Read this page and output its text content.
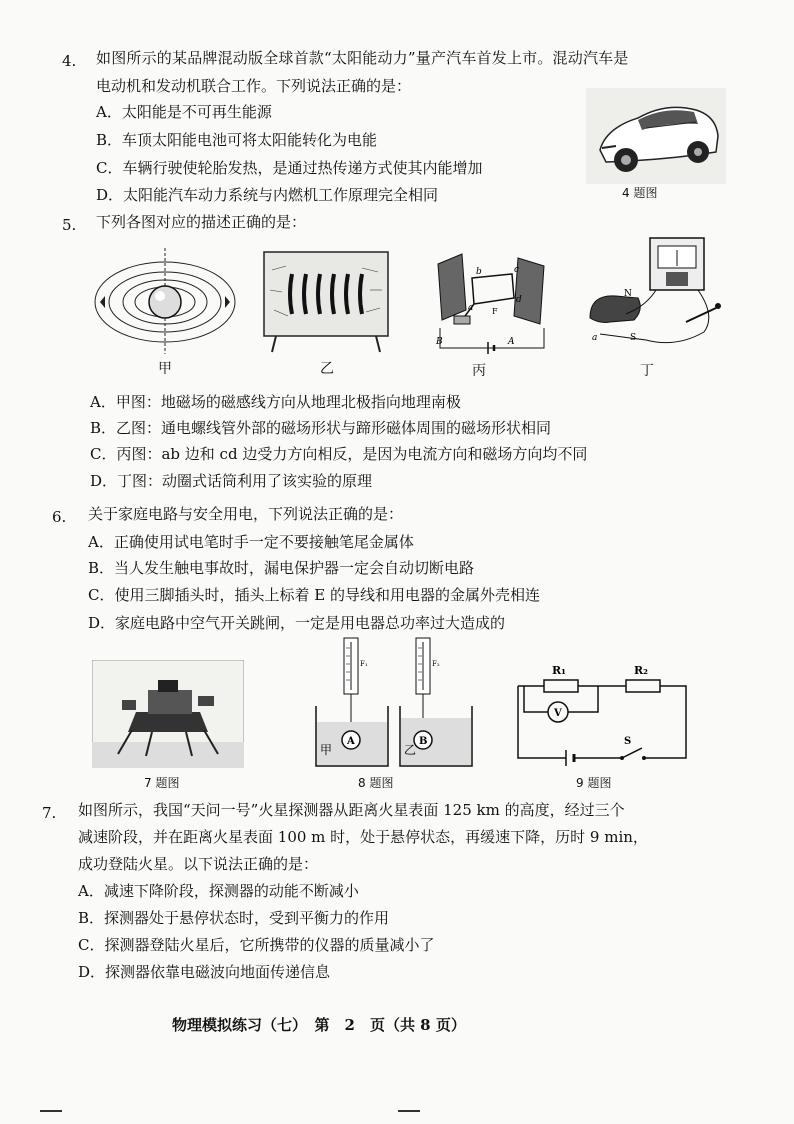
4. 如图所示的某品牌混动版全球首款“太阳能动力”量产汽车首发上市。混动汽车是
电动机和发动机联合工作。下列说法正确的是：
A．太阳能是不可再生能源
B．车顶太阳能电池可将太阳能转化为电能
C．车辆行驶使轮胎发热，是通过热传递方式使其内能增加
D．太阳能汽车动力系统与内燃机工作原理完全相同	4 题图
5. 下列各图对应的描述正确的是：
甲	乙
b	c
d
a F
B	A
丙
N
S
a
丁
A．甲图：地磁场的磁感线方向从地理北极指向地理南极
B．乙图：通电螺线管外部的磁场形状与蹄形磁体周围的磁场形状相同
C．丙图：ab 边和 cd 边受力方向相反，是因为电流方向和磁场方向均不同
D．丁图：动圈式话筒利用了该实验的原理
6. 关于家庭电路与安全用电，下列说法正确的是：
A．正确使用试电笔时手一定不要接触笔尾金属体
B．当人发生触电事故时，漏电保护器一定会自动切断电路
C．使用三脚插头时，插头上标着 E 的导线和用电器的金属外壳相连
D．家庭电路中空气开关跳闸，一定是用电器总功率过大造成的
7 题图
F₁	F₂
A	B
甲	乙
8 题图
R₁	R₂
V
S
9 题图
7. 如图所示，我国“天问一号”火星探测器从距离火星表面 125 km 的高度，经过三个
减速阶段，并在距离火星表面 100 m 时，处于悬停状态，再缓速下降，历时 9 min，
成功登陆火星。以下说法正确的是：
A．减速下降阶段，探测器的动能不断减小
B．探测器处于悬停状态时，受到平衡力的作用
C．探测器登陆火星后，它所携带的仪器的质量减小了
D．探测器依靠电磁波向地面传递信息
物理模拟练习（七）　第　2　页（共 8 页）
